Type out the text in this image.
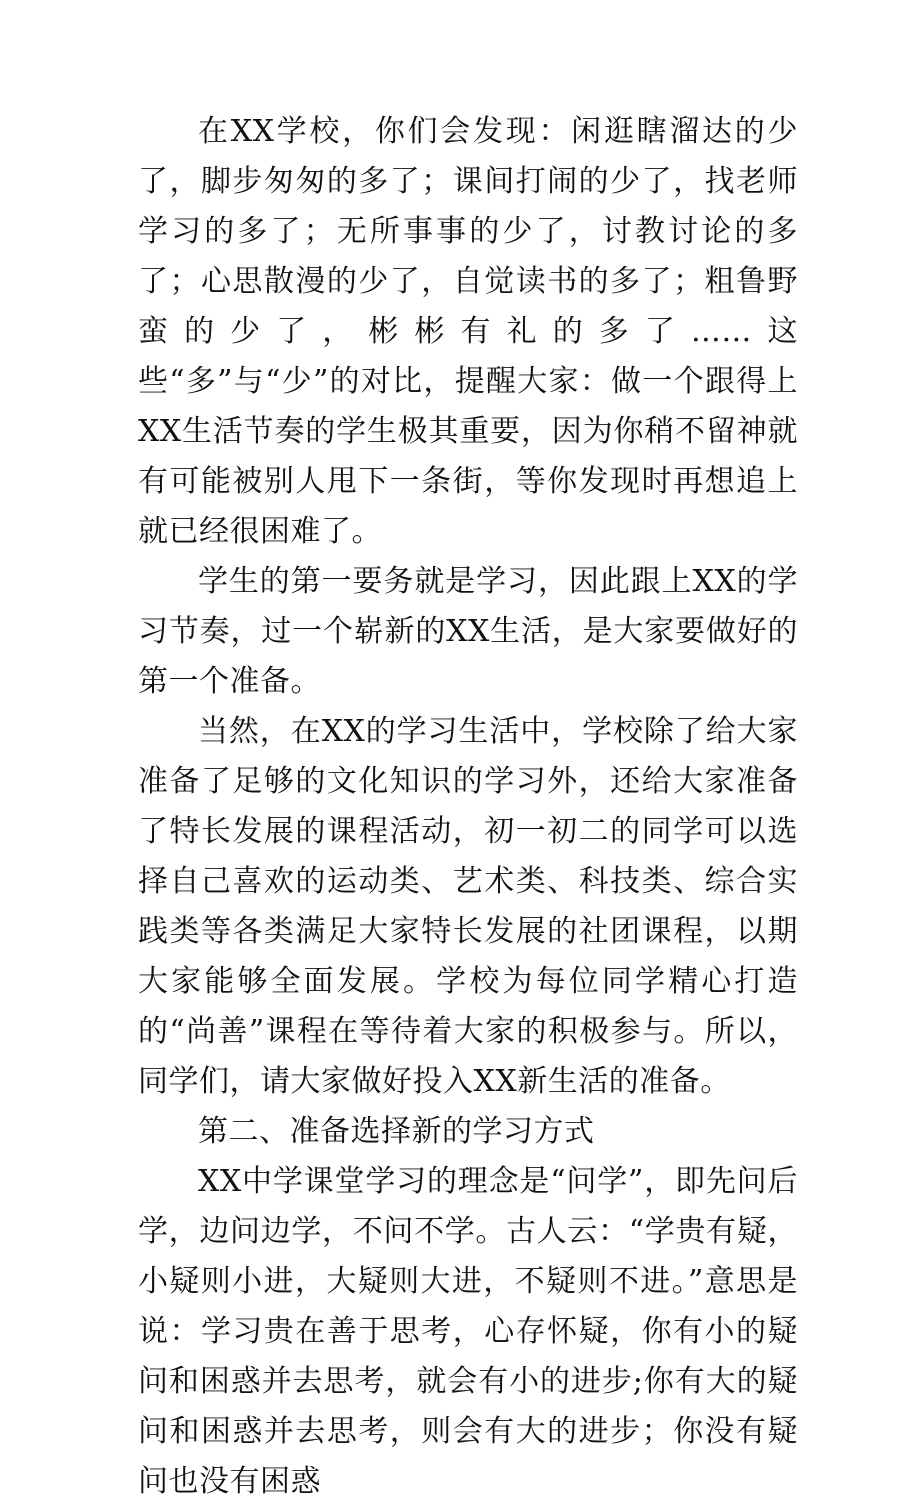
在XX学校，你们会发现：闲逛瞎溜达的少了，脚步匆匆的多了；课间打闹的少了，找老师学习的多了；无所事事的少了，讨教讨论的多了；心思散漫的少了，自觉读书的多了；粗鲁野蛮的少了，彬彬有礼的多了……这些“多”与“少”的对比，提醒大家：做一个跟得上XX生活节奏的学生极其重要，因为你稍不留神就有可能被别人甩下一条街，等你发现时再想追上就已经很困难了。

学生的第一要务就是学习，因此跟上XX的学习节奏，过一个崭新的XX生活，是大家要做好的第一个准备。

当然，在XX的学习生活中，学校除了给大家准备了足够的文化知识的学习外，还给大家准备了特长发展的课程活动，初一初二的同学可以选择自己喜欢的运动类、艺术类、科技类、综合实践类等各类满足大家特长发展的社团课程，以期大家能够全面发展。学校为每位同学精心打造的“尚善”课程在等待着大家的积极参与。所以，同学们，请大家做好投入XX新生活的准备。

第二、准备选择新的学习方式

XX中学课堂学习的理念是“问学”，即先问后学，边问边学，不问不学。古人云：“学贵有疑，小疑则小进，大疑则大进，不疑则不进。”意思是说：学习贵在善于思考，心存怀疑，你有小的疑问和困惑并去思考，就会有小的进步;你有大的疑问和困惑并去思考，则会有大的进步；你没有疑问也没有困惑
